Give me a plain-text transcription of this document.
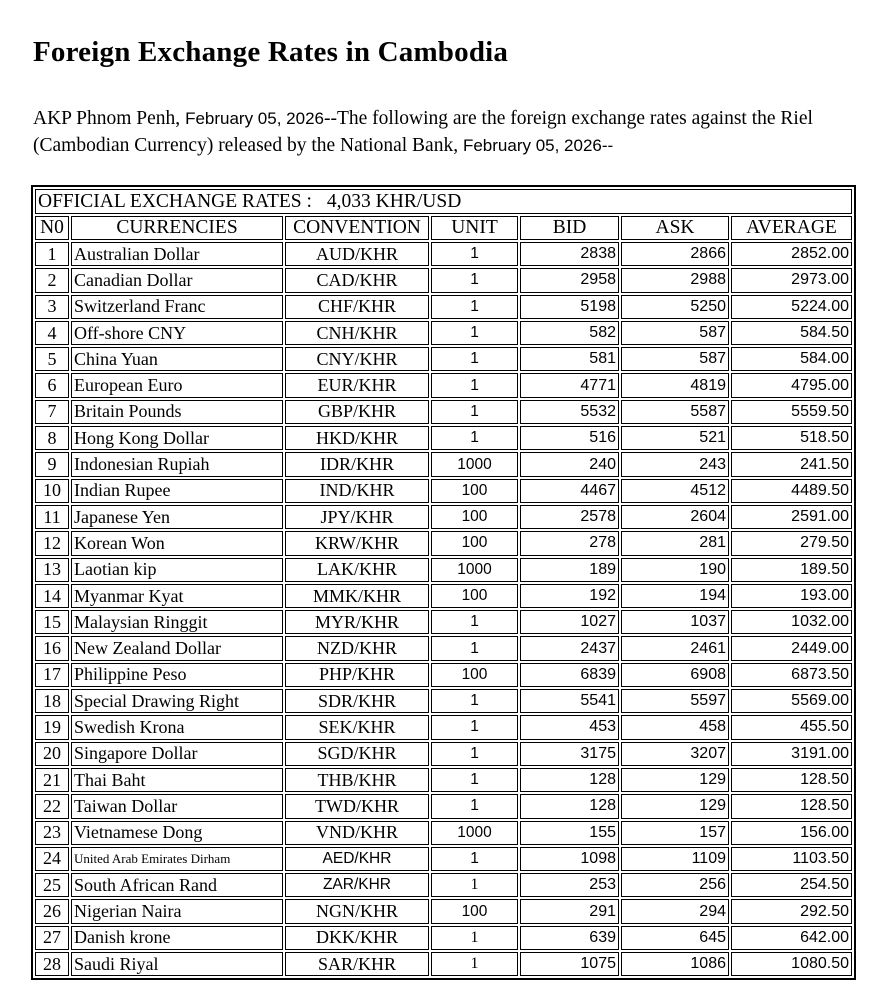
Foreign Exchange Rates in Cambodia

AKP Phnom Penh, February 05, 2026--The following are the foreign exchange rates against the Riel (Cambodian Currency) released by the National Bank, February 05, 2026--

OFFICIAL EXCHANGE RATES : 4,033 KHR/USD						
N0	CURRENCIES	CONVENTION	UNIT	BID	ASK	AVERAGE
1	Australian Dollar	AUD/KHR	1	2838	2866	2852.00
2	Canadian Dollar	CAD/KHR	1	2958	2988	2973.00
3	Switzerland Franc	CHF/KHR	1	5198	5250	5224.00
4	Off-shore CNY	CNH/KHR	1	582	587	584.50
5	China Yuan	CNY/KHR	1	581	587	584.00
6	European Euro	EUR/KHR	1	4771	4819	4795.00
7	Britain Pounds	GBP/KHR	1	5532	5587	5559.50
8	Hong Kong Dollar	HKD/KHR	1	516	521	518.50
9	Indonesian Rupiah	IDR/KHR	1000	240	243	241.50
10	Indian Rupee	IND/KHR	100	4467	4512	4489.50
11	Japanese Yen	JPY/KHR	100	2578	2604	2591.00
12	Korean Won	KRW/KHR	100	278	281	279.50
13	Laotian kip	LAK/KHR	1000	189	190	189.50
14	Myanmar Kyat	MMK/KHR	100	192	194	193.00
15	Malaysian Ringgit	MYR/KHR	1	1027	1037	1032.00
16	New Zealand Dollar	NZD/KHR	1	2437	2461	2449.00
17	Philippine Peso	PHP/KHR	100	6839	6908	6873.50
18	Special Drawing Right	SDR/KHR	1	5541	5597	5569.00
19	Swedish Krona	SEK/KHR	1	453	458	455.50
20	Singapore Dollar	SGD/KHR	1	3175	3207	3191.00
21	Thai Baht	THB/KHR	1	128	129	128.50
22	Taiwan Dollar	TWD/KHR	1	128	129	128.50
23	Vietnamese Dong	VND/KHR	1000	155	157	156.00
24	United Arab Emirates Dirham	AED/KHR	1	1098	1109	1103.50
25	South African Rand	ZAR/KHR	1	253	256	254.50
26	Nigerian Naira	NGN/KHR	100	291	294	292.50
27	Danish krone	DKK/KHR	1	639	645	642.00
28	Saudi Riyal	SAR/KHR	1	1075	1086	1080.50
